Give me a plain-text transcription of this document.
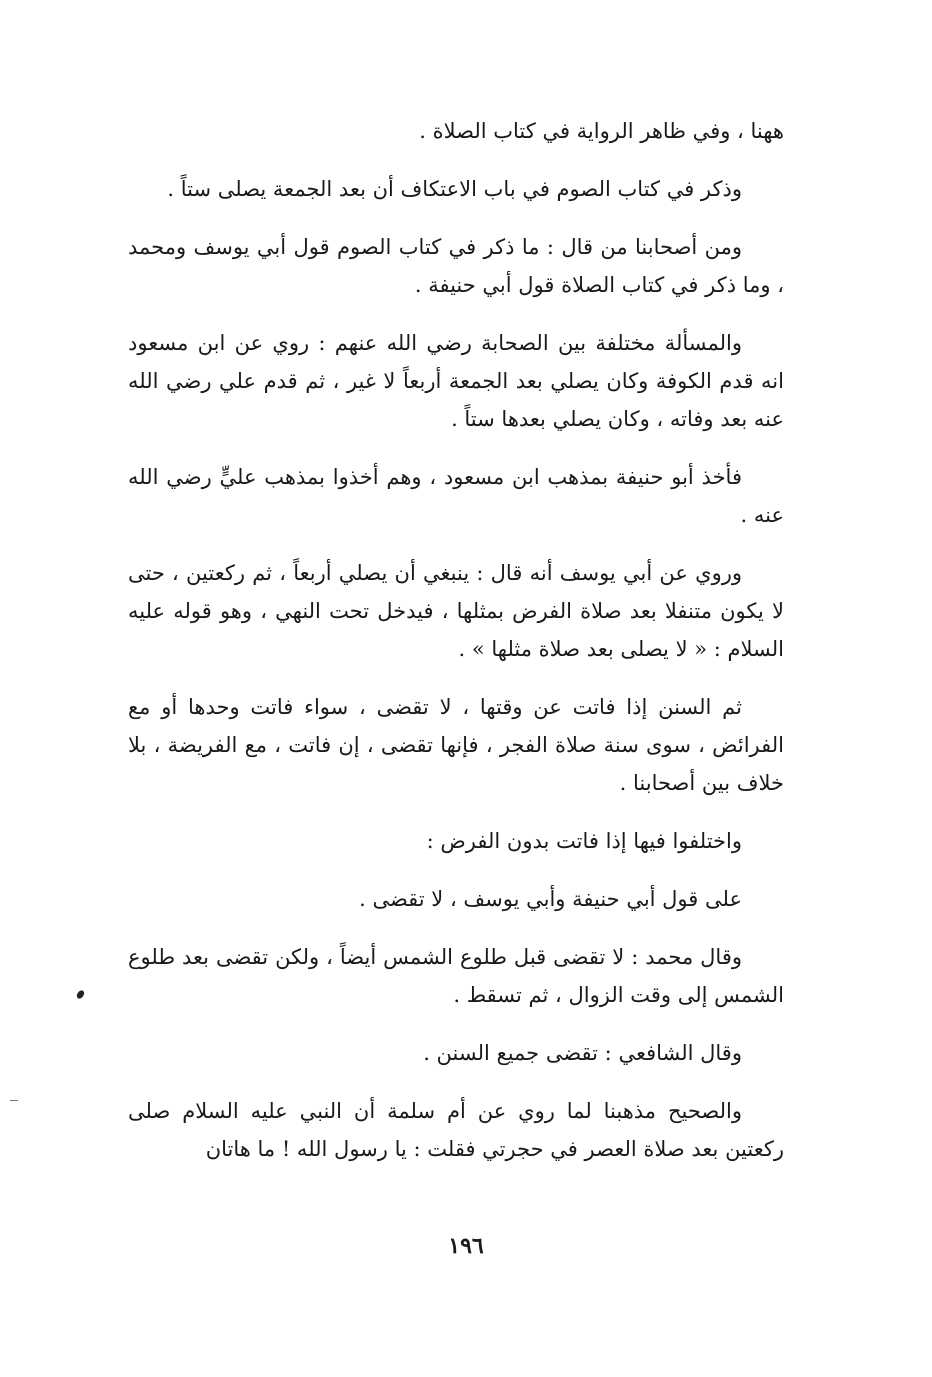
ههنا ، وفي ظاهر الرواية في كتاب الصلاة .

وذكر في كتاب الصوم في باب الاعتكاف أن بعد الجمعة يصلى ستاً .

ومن أصحابنا من قال : ما ذكر في كتاب الصوم قول أبي يوسف ومحمد ، وما ذكر في كتاب الصلاة قول أبي حنيفة .

والمسألة مختلفة بين الصحابة رضي الله عنهم : روي عن ابن مسعود انه قدم الكوفة وكان يصلي بعد الجمعة أربعاً لا غير ، ثم قدم علي رضي الله عنه بعد وفاته ، وكان يصلي بعدها ستاً .

فأخذ أبو حنيفة بمذهب ابن مسعود ، وهم أخذوا بمذهب عليٍّ رضي الله عنه .

وروي عن أبي يوسف أنه قال : ينبغي أن يصلي أربعاً ، ثم ركعتين ، حتى لا يكون متنفلا بعد صلاة الفرض بمثلها ، فيدخل تحت النهي ، وهو قوله عليه السلام : « لا يصلى بعد صلاة مثلها » .

ثم السنن إذا فاتت عن وقتها ، لا تقضى ، سواء فاتت وحدها أو مع الفرائض ، سوى سنة صلاة الفجر ، فإنها تقضى ، إن فاتت ، مع الفريضة ، بلا خلاف بين أصحابنا .

واختلفوا فيها إذا فاتت بدون الفرض :

على قول أبي حنيفة وأبي يوسف ، لا تقضى .

وقال محمد : لا تقضى قبل طلوع الشمس أيضاً ، ولكن تقضى بعد طلوع الشمس إلى وقت الزوال ، ثم تسقط .

وقال الشافعي : تقضى جميع السنن .

والصحيح مذهبنا لما روي عن أم سلمة أن النبي عليه السلام صلى ركعتين بعد صلاة العصر في حجرتي فقلت : يا رسول الله ! ما هاتان

١٩٦
